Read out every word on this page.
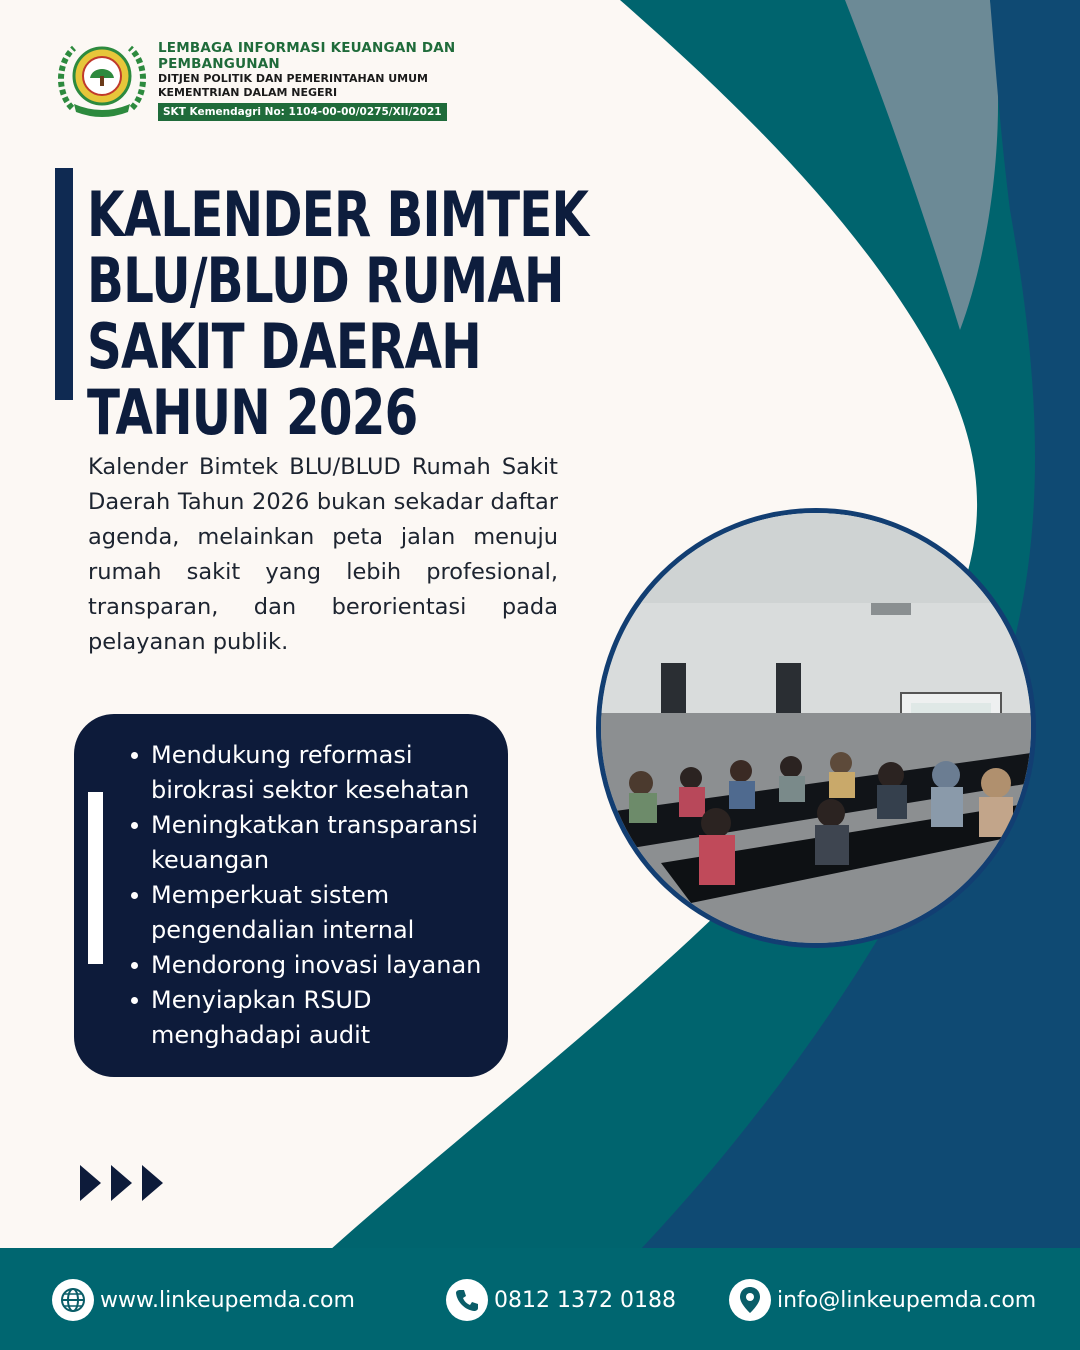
LEMBAGA INFORMASI KEUANGAN DAN PEMBANGUNAN
DITJEN POLITIK DAN PEMERINTAHAN UMUM
KEMENTRIAN DALAM NEGERI
SKT Kemendagri No: 1104-00-00/0275/XII/2021
KALENDER BIMTEK BLU/BLUD RUMAH SAKIT DAERAH TAHUN 2026

Kalender Bimtek BLU/BLUD Rumah Sakit Daerah Tahun 2026 bukan sekadar daftar agenda, melainkan peta jalan menuju rumah sakit yang lebih profesional, transparan, dan berorientasi pada pelayanan publik.

Mendukung reformasi birokrasi sektor kesehatan
Meningkatkan transparansi keuangan
Memperkuat sistem pengendalian internal
Mendorong inovasi layanan
Menyiapkan RSUD menghadapi audit
www.linkeupemda.com	0812 1372 0188	info@linkeupemda.com
